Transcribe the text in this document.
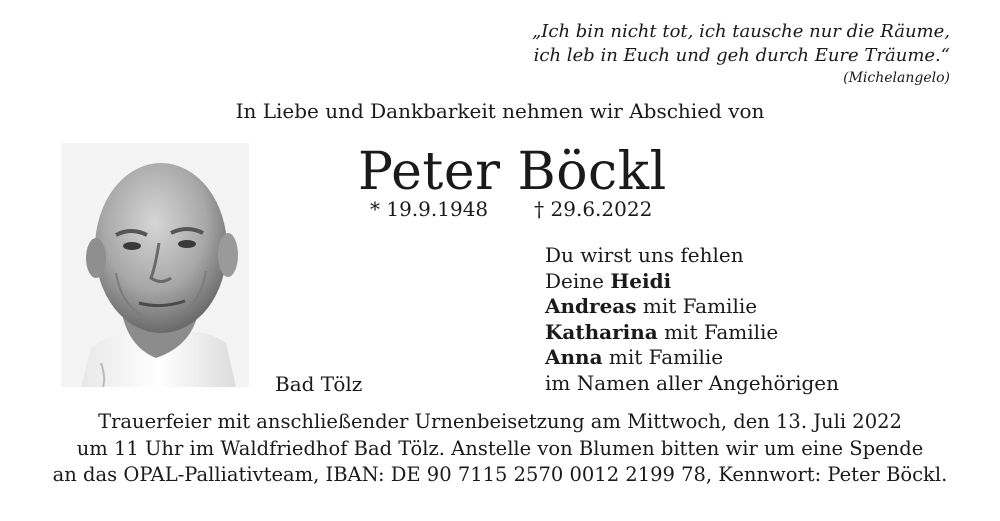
„Ich bin nicht tot, ich tausche nur die Räume,
ich leb in Euch und geh durch Eure Träume.“
(Michelangelo)
In Liebe und Dankbarkeit nehmen wir Abschied von
Peter Böckl
* 19.9.1948 † 29.6.2022
Bad Tölz
Du wirst uns fehlen
Deine Heidi
Andreas mit Familie
Katharina mit Familie
Anna mit Familie
im Namen aller Angehörigen
Trauerfeier mit anschließender Urnenbeisetzung am Mittwoch, den 13. Juli 2022
um 11 Uhr im Waldfriedhof Bad Tölz. Anstelle von Blumen bitten wir um eine Spende
an das OPAL-Palliativteam, IBAN: DE 90 7115 2570 0012 2199 78, Kennwort: Peter Böckl.
